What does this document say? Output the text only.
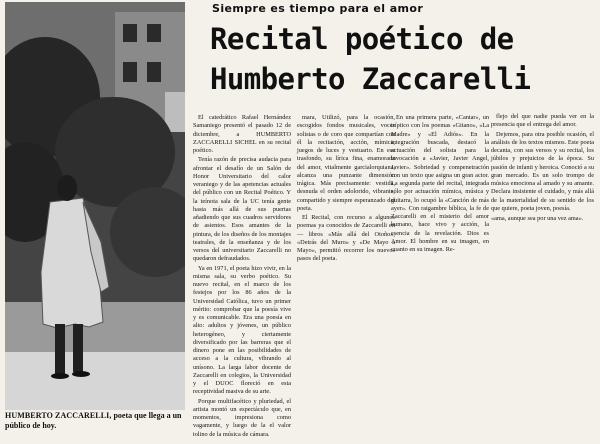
HUMBERTO ZACCARELLI, poeta que llega a un público de hoy.
Siempre es tiempo para el amor
Recital poético de
Humberto Zaccarelli

El catedrático Rafael Hernández Samaniego presentó el pasado 12 de diciembre, a HUMBERTO ZACCARELLI SICHEL en su recital poético.

Tenía razón de precisa audacia para afrontar el desafío de un Salón de Honor Universitario del calor veraniego y de las apetencias actuales del público con un Recital Poético. Y la teínota sala de la UC tenía gente hasta más allá de sus puertas añadiendo que sus cuadros servidores de asientos. Esos amantes de la pintura, de los diseños de los montajes teatrales, de la enseñanza y de los versos del universitario Zaccarelli no quedaron defraudados.

Ya en 1971, el poeta hizo vivir, en la misma sala, su verbo poético. Su nuevo recital, en el marco de los festejos por los 86 años de la Universidad Católica, tuvo un primer mérito: comprobar que la poesía vive y es comunicable. Era una poesía en alto: adultos y jóvenes, un público heterogéneo, y ciertamente diversificado por las barreras que el dinero pone en las posibilidades de acceso a la cultura, vibrando al unísono. La larga labor docente de Zaccarelli en colegios, la Universidad y el DUOC floreció en esta receptividad masiva de su arte.

Porque multifacético y pluriedad, el artista montó un espectáculo que, en momentos, impresiona como vagamente, y luego de la el valor tolino de la música de cámara.

mara, Utilizó, para la ocasión, escogidos fondos musicales, voces solistas o de coro que compartían con él la recitación, acción, mímica, juegos de luces y vestuario. En ese trasfondo, su lírica fina, enamorada del amor, vitalmente garcialorquiana, alcanza una punzante dimensión trágica. Más precisamente: vestida, desnuda el orden adolorido, vibrante, compartido y siempre esperanzado del poeta.

El Recital, con recurso a algunos poemas ya conocidos de Zaccarelli en — libros «Más allá del Otoño», «Detrás del Muro» y «De Mayo a Mayo», permitió recorrer los nuevos pasos del poeta.

En una primera parte, «Cantar», un tríptico con los poemas «Gitano», «La Madre» y «El Adiós». En la integración buscada, destacó la actuación del solista para la invocación a «Javier, Javier Angel, Javier». Sobriedad y compenetración con un texto que asigna un gran actor. La segunda parte del recital, integrada sólo por actuación mímica, música y guitarra, lo ocupó la «Canción de más ayer». Con raigambre bíblica, la fe de Zaccarelli en el misterio del amor humano, hace vivo y acción, la esencia de la revelación. Dios es Amor. El hombre en su imagen, en cuanto en su imagen. Re-

flejo del que nadie pueda ver en la presencia que el entrega del amor.

Dejemos, para otra posible ocasión, el análisis de los textos mismos. Este poeta decanta, con sus versos y su recital, los júbilos y prejuicios de la época. Su pasión de infanti y heroica. Conoció a su gran mercado. Es un solo trompo de música emociona al amado y su amante. Declara insistente el cuidado, y más allá de la materialidad de su sentido de los que quiere, poeta joven, poesía.

«ama, aunque sea por una vez ama».
